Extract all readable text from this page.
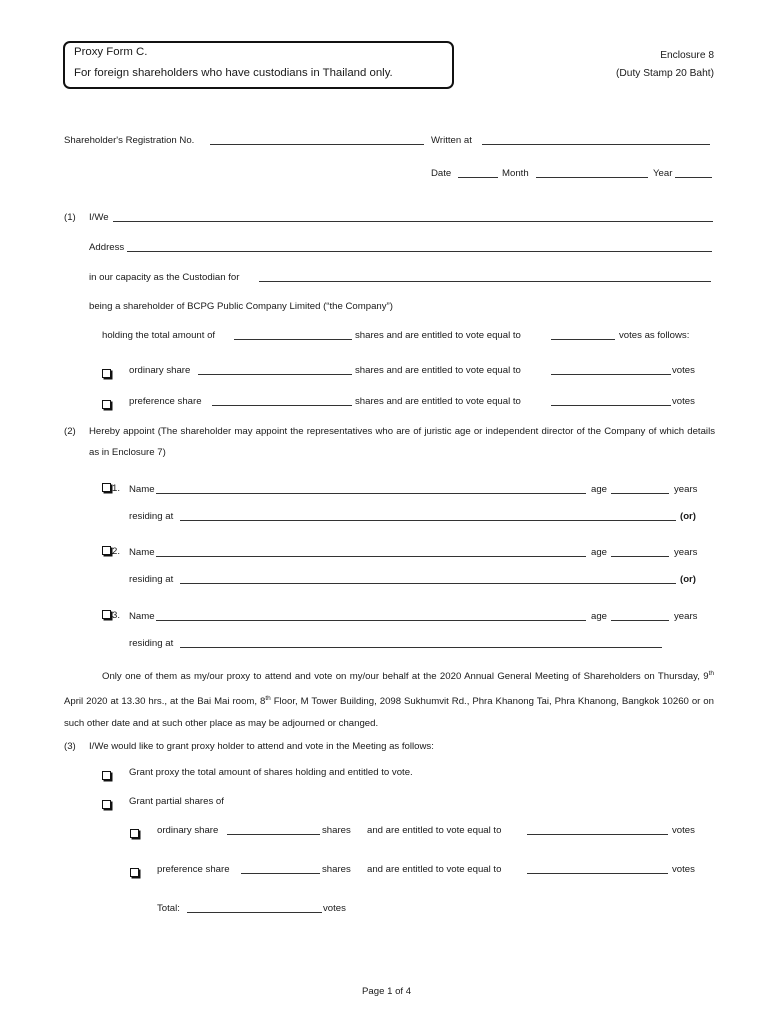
Proxy Form C.
For foreign shareholders who have custodians in Thailand only.
Enclosure 8
(Duty Stamp 20 Baht)
Shareholder's Registration No.	Written at
Date	Month	Year
(1) I/We
Address
in our capacity as the Custodian for
being a shareholder of BCPG Public Company Limited (“the Company”)
holding the total amount of	shares and are entitled to vote equal to	votes as follows:
ordinary share	shares and are entitled to vote equal to	votes
preference share	shares and are entitled to vote equal to	votes
(2) Hereby appoint (The shareholder may appoint the representatives who are of juristic age or independent director of the Company of which details as in Enclosure 7)
1. Name	age	years
residing at	(or)
2. Name	age	years
residing at	(or)
3. Name	age	years
residing at
Only one of them as my/our proxy to attend and vote on my/our behalf at the 2020 Annual General Meeting of Shareholders on Thursday, 9th April 2020 at 13.30 hrs., at the Bai Mai room, 8th Floor, M Tower Building, 2098 Sukhumvit Rd., Phra Khanong Tai, Phra Khanong, Bangkok 10260 or on such other date and at such other place as may be adjourned or changed.
(3) I/We would like to grant proxy holder to attend and vote in the Meeting as follows:
Grant proxy the total amount of shares holding and entitled to vote.
Grant partial shares of
ordinary share	shares and are entitled to vote equal to	votes
preference share	shares and are entitled to vote equal to	votes
Total:	votes
Page 1 of 4
